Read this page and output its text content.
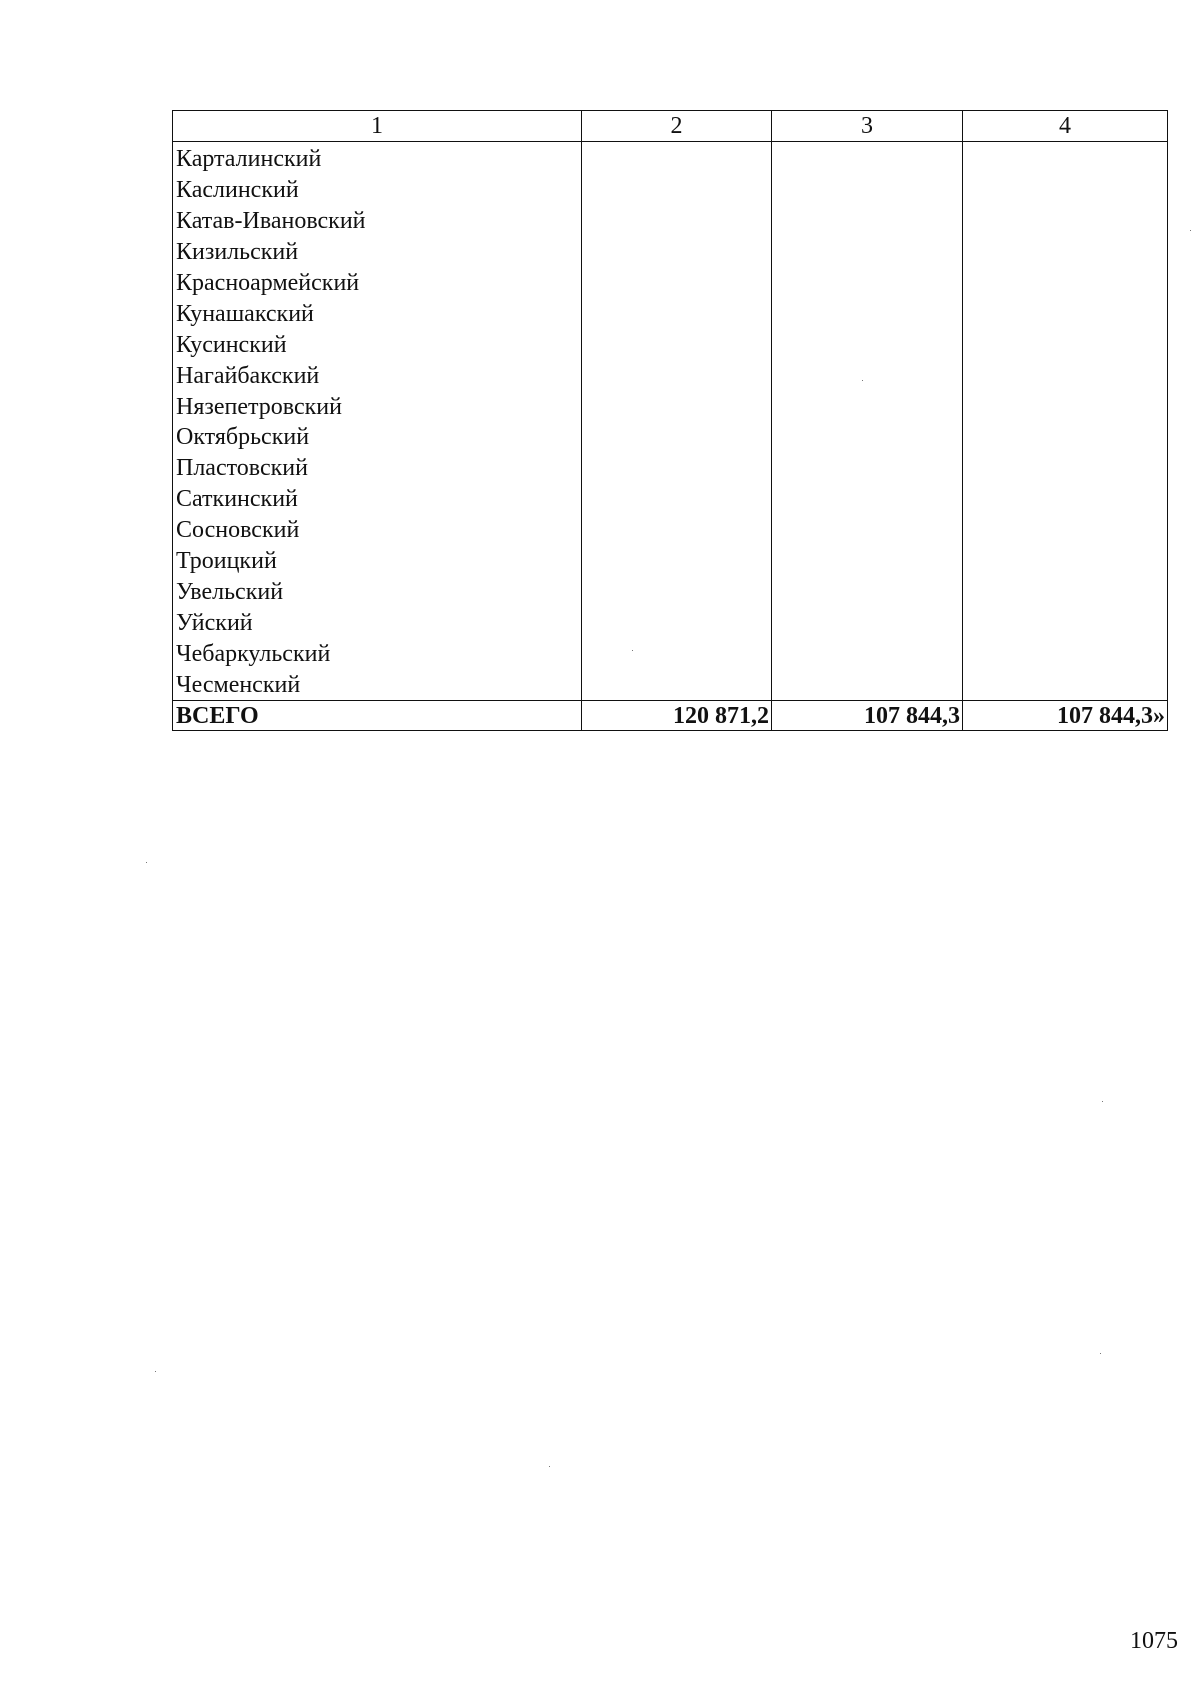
1	2	3	4
Карталинский			
Каслинский			
Катав-Ивановский			
Кизильский			
Красноармейский			
Кунашакский			
Кусинский			
Нагайбакский			
Нязепетровский			
Октябрьский			
Пластовский			
Саткинский			
Сосновский			
Троицкий			
Увельский			
Уйский			
Чебаркульский			
Чесменский			
ВСЕГО	120 871,2	107 844,3	107 844,3»
1075
